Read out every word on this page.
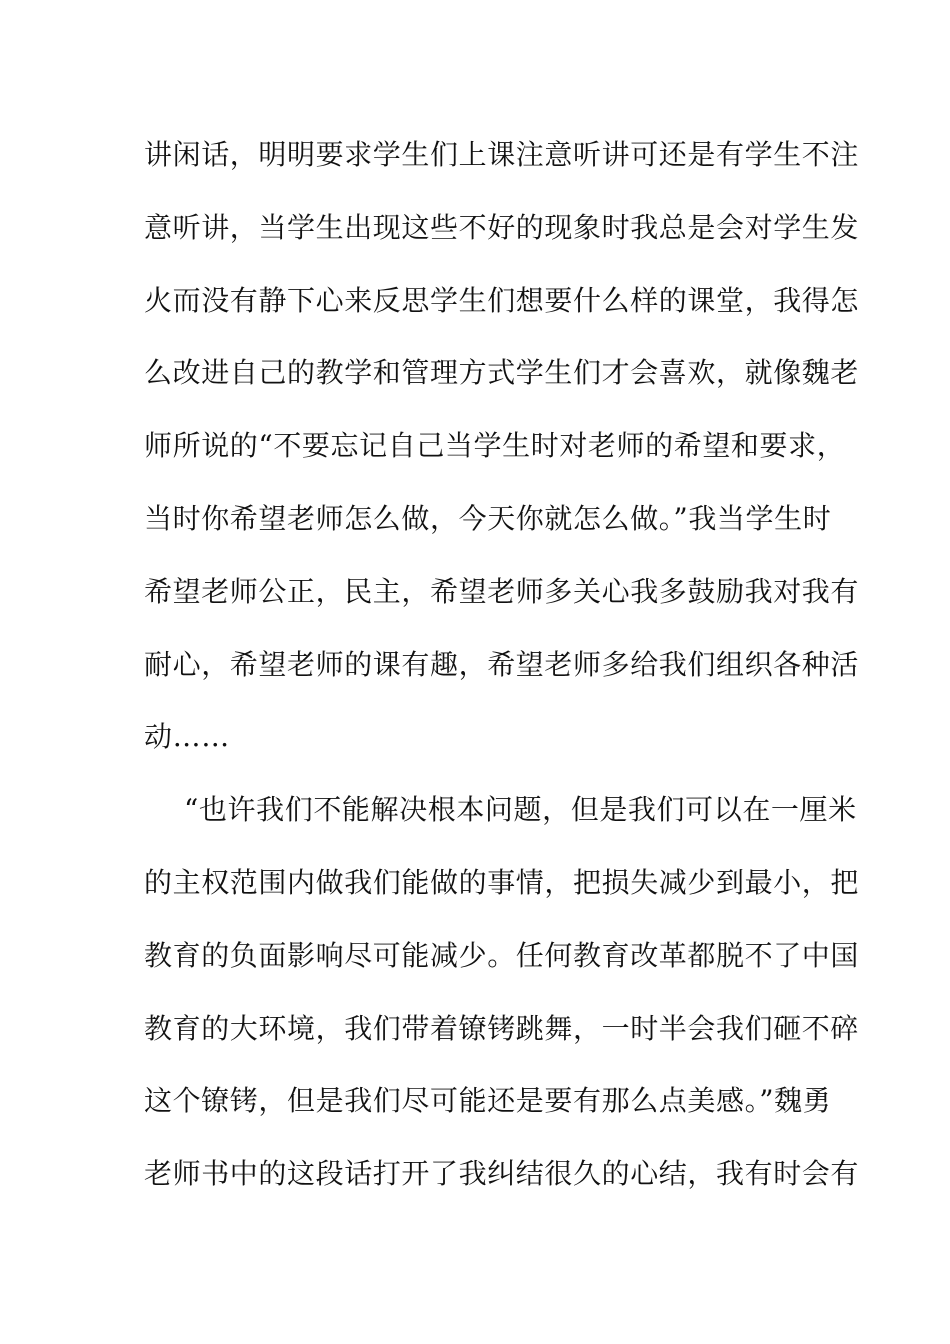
讲闲话，明明要求学生们上课注意听讲可还是有学生不注
意听讲，当学生出现这些不好的现象时我总是会对学生发
火而没有静下心来反思学生们想要什么样的课堂，我得怎
么改进自己的教学和管理方式学生们才会喜欢，就像魏老
师所说的“不要忘记自己当学生时对老师的希望和要求，
当时你希望老师怎么做，今天你就怎么做。”我当学生时
希望老师公正，民主，希望老师多关心我多鼓励我对我有
耐心，希望老师的课有趣，希望老师多给我们组织各种活
动……
“也许我们不能解决根本问题，但是我们可以在一厘米
的主权范围内做我们能做的事情，把损失减少到最小，把
教育的负面影响尽可能减少。任何教育改革都脱不了中国
教育的大环境，我们带着镣铐跳舞，一时半会我们砸不碎
这个镣铐，但是我们尽可能还是要有那么点美感。”魏勇
老师书中的这段话打开了我纠结很久的心结，我有时会有
